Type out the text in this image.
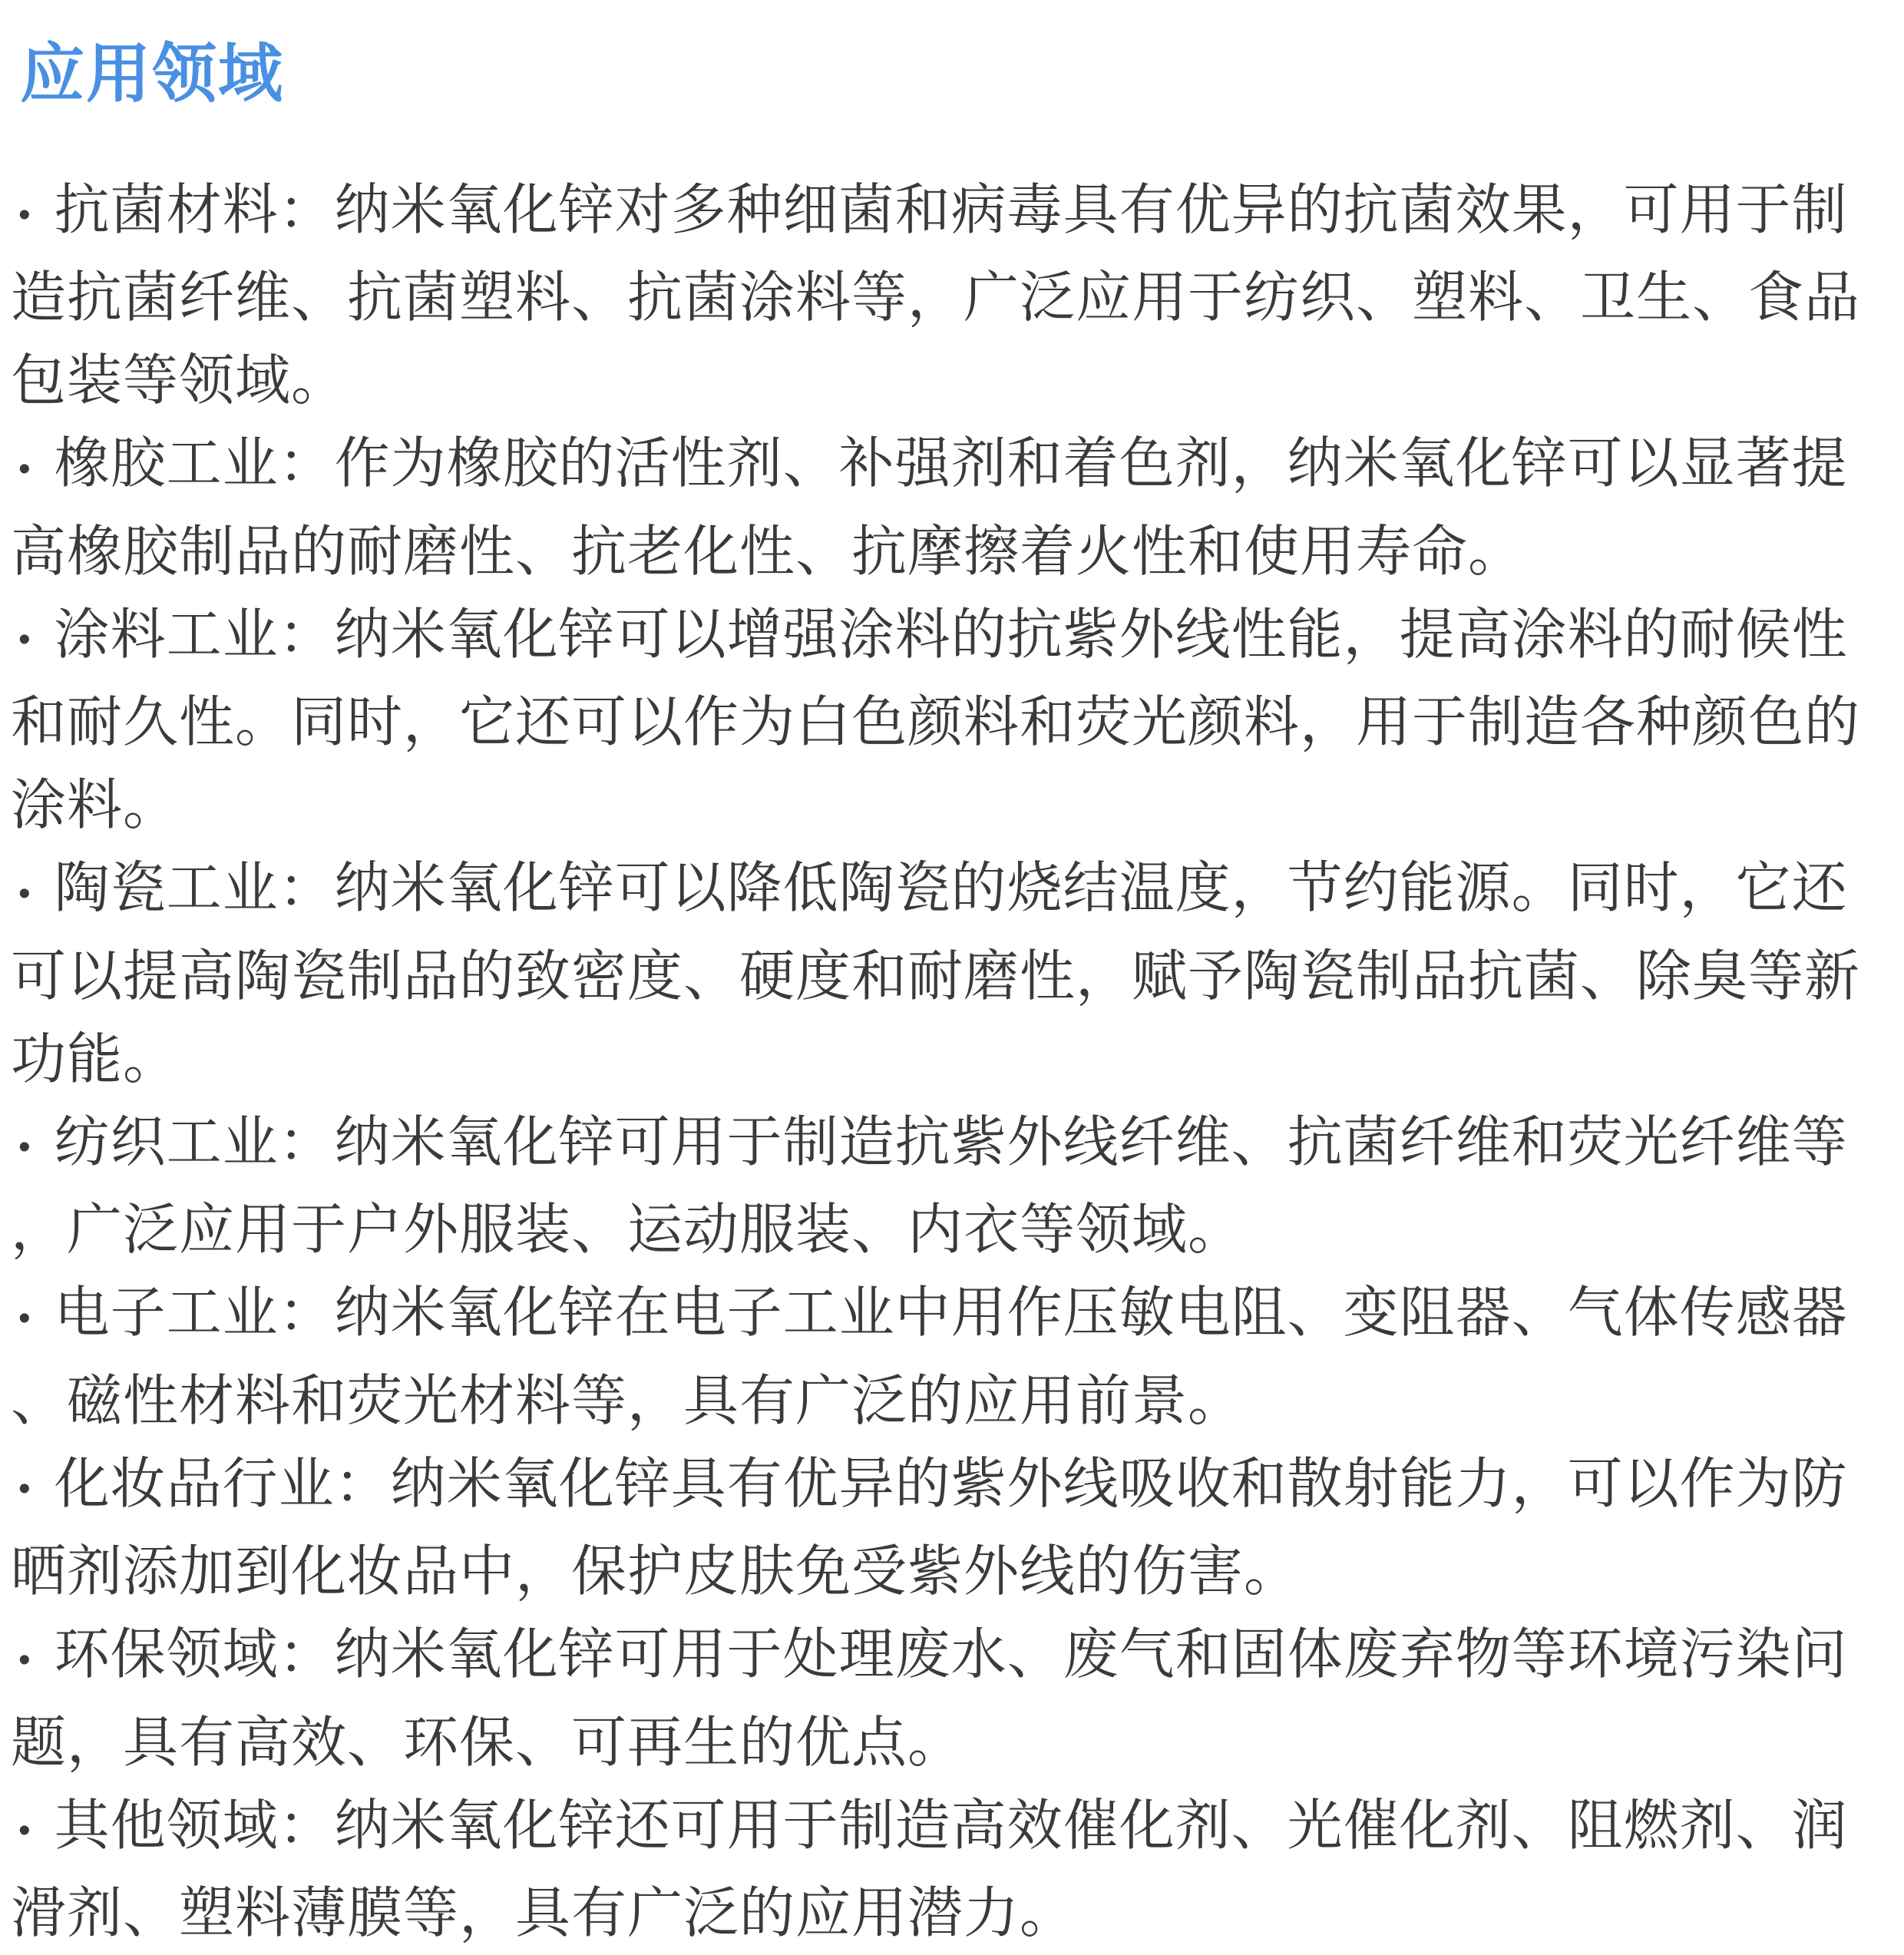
应用领域
• 抗菌材料：纳米氧化锌对多种细菌和病毒具有优异的抗菌效果，可用于制
造抗菌纤维、抗菌塑料、抗菌涂料等，广泛应用于纺织、塑料、卫生、食品
包装等领域。
• 橡胶工业：作为橡胶的活性剂、补强剂和着色剂，纳米氧化锌可以显著提
高橡胶制品的耐磨性、抗老化性、抗摩擦着火性和使用寿命。
• 涂料工业：纳米氧化锌可以增强涂料的抗紫外线性能，提高涂料的耐候性
和耐久性。同时，它还可以作为白色颜料和荧光颜料，用于制造各种颜色的
涂料。
• 陶瓷工业：纳米氧化锌可以降低陶瓷的烧结温度，节约能源。同时，它还
可以提高陶瓷制品的致密度、硬度和耐磨性，赋予陶瓷制品抗菌、除臭等新
功能。
• 纺织工业：纳米氧化锌可用于制造抗紫外线纤维、抗菌纤维和荧光纤维等
，广泛应用于户外服装、运动服装、内衣等领域。
• 电子工业：纳米氧化锌在电子工业中用作压敏电阻、变阻器、气体传感器
、磁性材料和荧光材料等，具有广泛的应用前景。
• 化妆品行业：纳米氧化锌具有优异的紫外线吸收和散射能力，可以作为防
晒剂添加到化妆品中，保护皮肤免受紫外线的伤害。
• 环保领域：纳米氧化锌可用于处理废水、废气和固体废弃物等环境污染问
题，具有高效、环保、可再生的优点。
• 其他领域：纳米氧化锌还可用于制造高效催化剂、光催化剂、阻燃剂、润
滑剂、塑料薄膜等，具有广泛的应用潜力。
